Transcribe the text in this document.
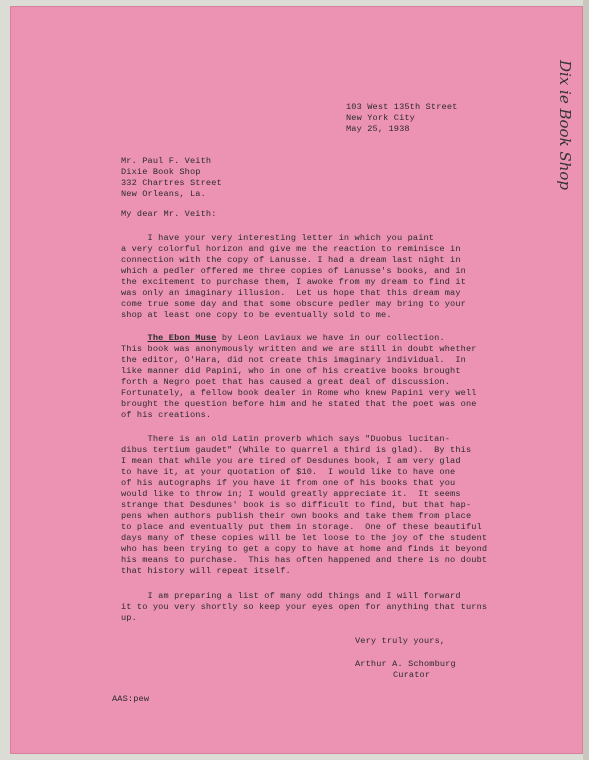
Dix ie Book Shop
103 West 135th Street
New York City
May 25, 1938
Mr. Paul F. Veith
Dixie Book Shop
332 Chartres Street
New Orleans, La.
My dear Mr. Veith:
I have your very interesting letter in which you paint
a very colorful horizon and give me the reaction to reminisce in
connection with the copy of Lanusse. I had a dream last night in
which a pedler offered me three copies of Lanusse's books, and in
the excitement to purchase them, I awoke from my dream to find it
was only an imaginary illusion.  Let us hope that this dream may
come true some day and that some obscure pedler may bring to your
shop at least one copy to be eventually sold to me.
The Ebon Muse by Leon Laviaux we have in our collection.
This book was anonymously written and we are still in doubt whether
the editor, O'Hara, did not create this imaginary individual.  In
like manner did Papini, who in one of his creative books brought
forth a Negro poet that has caused a great deal of discussion.
Fortunately, a fellow book dealer in Rome who knew Papini very well
brought the question before him and he stated that the poet was one
of his creations.
There is an old Latin proverb which says "Duobus lucitan-
dibus tertium gaudet" (While to quarrel a third is glad).  By this
I mean that while you are tired of Desdunes book, I am very glad
to have it, at your quotation of $10.  I would like to have one
of his autographs if you have it from one of his books that you
would like to throw in; I would greatly appreciate it.  It seems
strange that Desdunes' book is so difficult to find, but that hap-
pens when authors publish their own books and take them from place
to place and eventually put them in storage.  One of these beautiful
days many of these copies will be let loose to the joy of the student
who has been trying to get a copy to have at home and finds it beyond
his means to purchase.  This has often happened and there is no doubt
that history will repeat itself.
I am preparing a list of many odd things and I will forward
it to you very shortly so keep your eyes open for anything that turns
up.
Very truly yours,
Arthur A. Schomburg
Curator
AAS:pew
